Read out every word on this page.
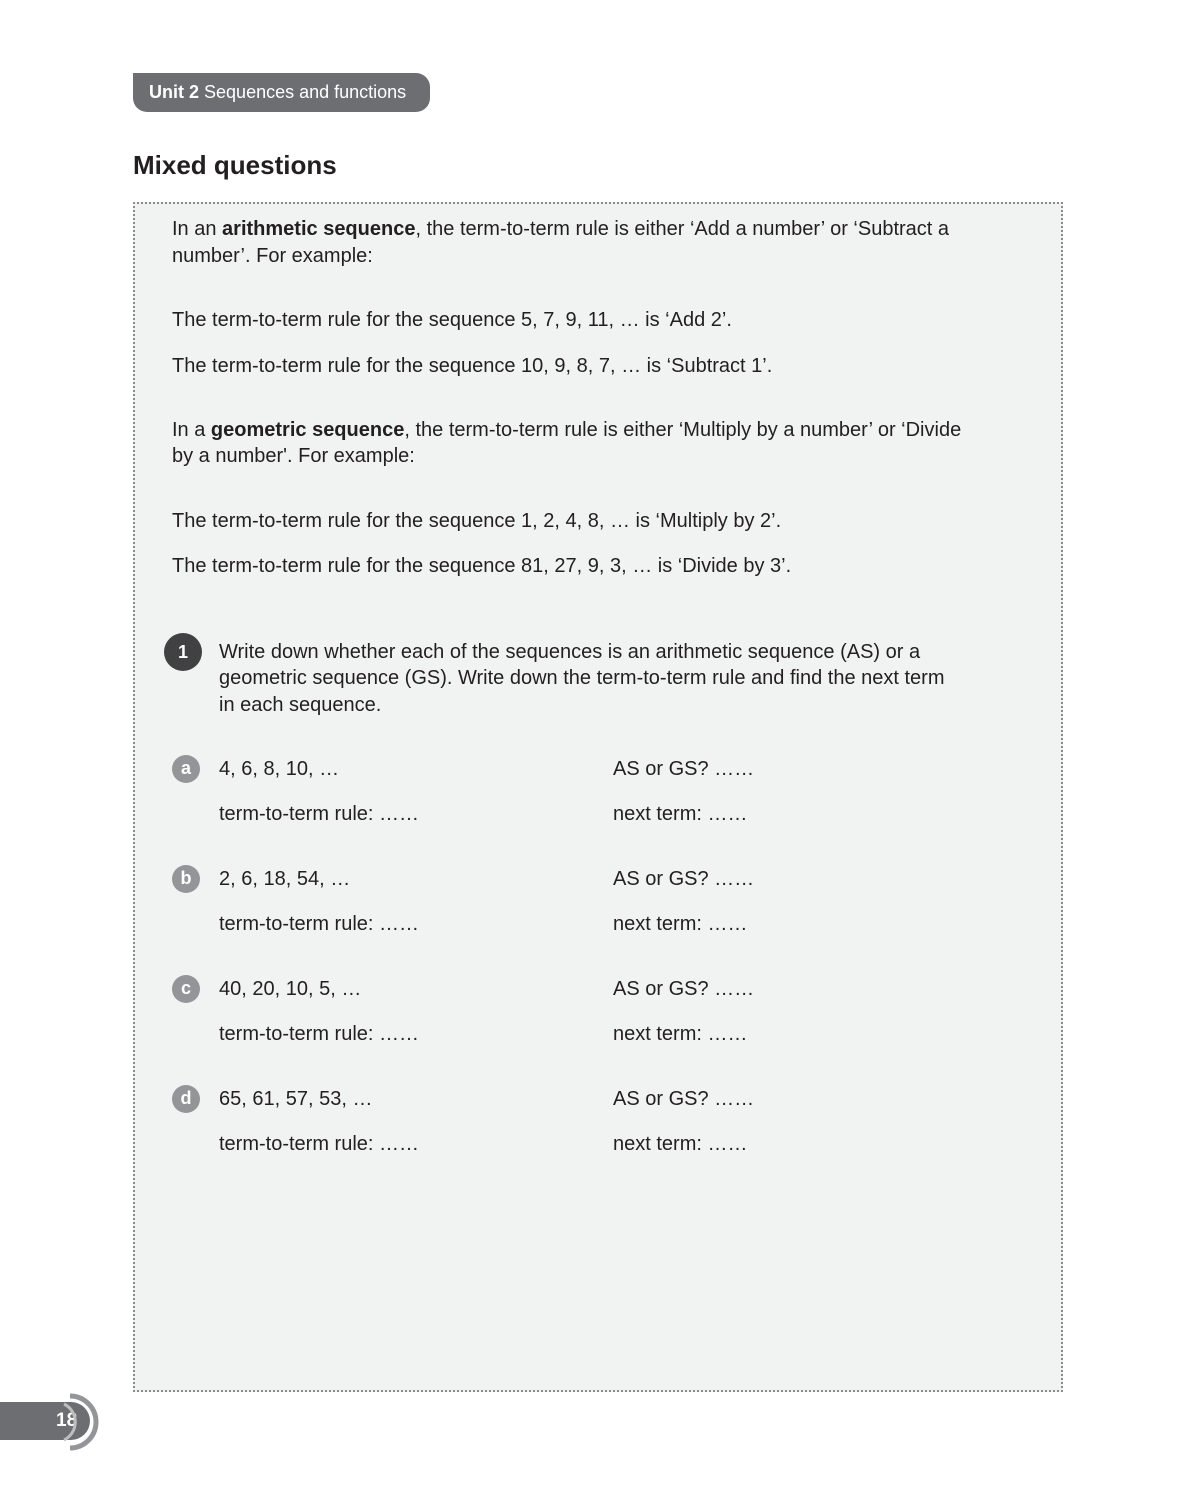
Unit 2 Sequences and functions
Mixed questions

In an arithmetic sequence, the term-to-term rule is either ‘Add a number’ or ‘Subtract a

number’. For example:

The term-to-term rule for the sequence 5, 7, 9, 11, … is ‘Add 2’.

The term-to-term rule for the sequence 10, 9, 8, 7, … is ‘Subtract 1’.

In a geometric sequence, the term-to-term rule is either ‘Multiply by a number’ or ‘Divide

by a number'. For example:

The term-to-term rule for the sequence 1, 2, 4, 8, … is ‘Multiply by 2’.

The term-to-term rule for the sequence 81, 27, 9, 3, … is ‘Divide by 3’.

1	Write down whether each of the sequences is an arithmetic sequence (AS) or a

geometric sequence (GS). Write down the term-to-term rule and find the next term

in each sequence.

a	4, 6, 8, 10, …	AS or GS? ……

term-to-term rule: ……	next term: ……

b	2, 6, 18, 54, …	AS or GS? ……

term-to-term rule: ……	next term: ……

c	40, 20, 10, 5, …	AS or GS? ……

term-to-term rule: ……	next term: ……

d	65, 61, 57, 53, …	AS or GS? ……

term-to-term rule: ……	next term: ……

18
